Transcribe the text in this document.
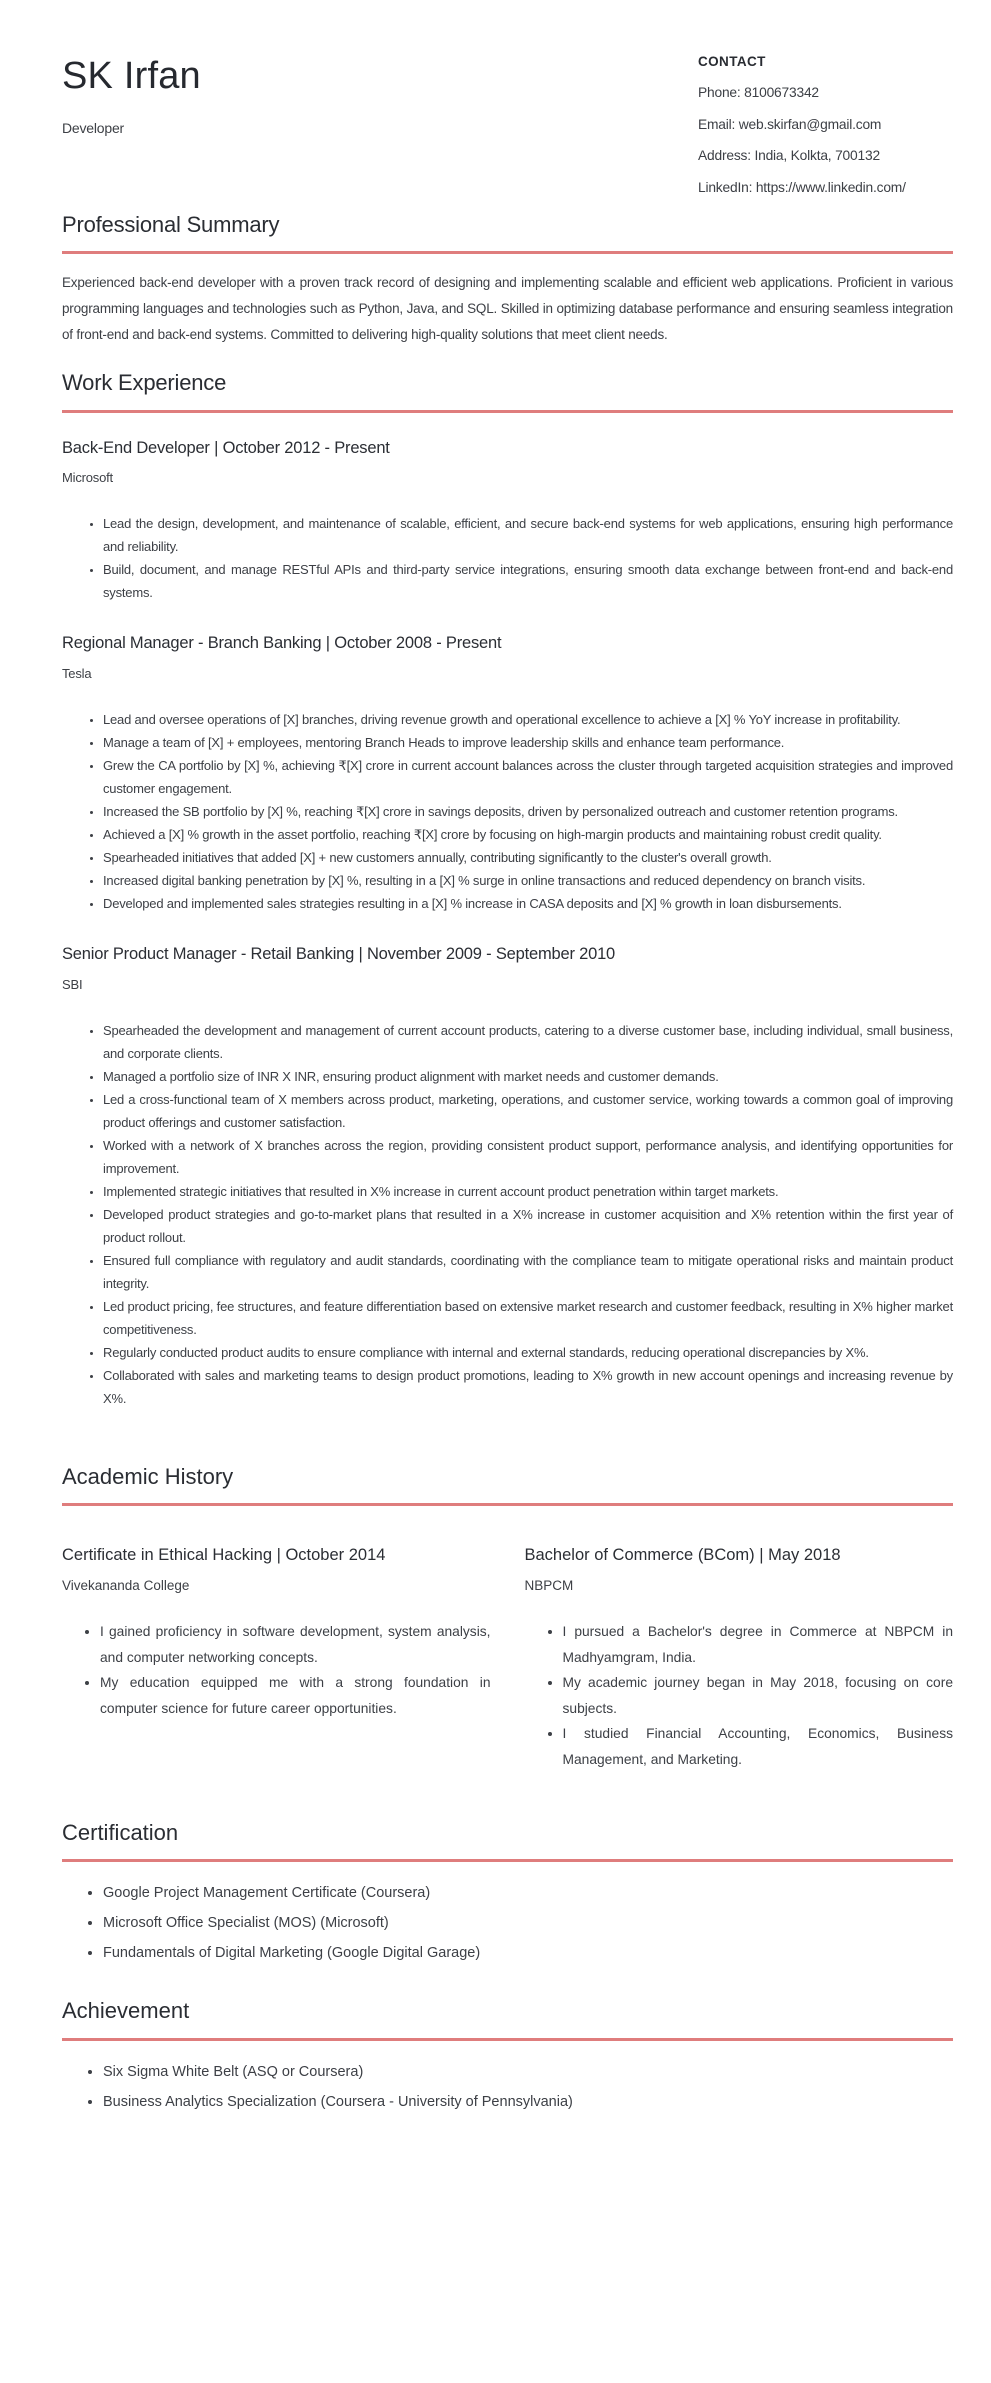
SK Irfan
Developer
CONTACT
Phone: 8100673342
Email: web.skirfan@gmail.com
Address: India, Kolkta, 700132
LinkedIn: https://www.linkedin.com/
Professional Summary

Experienced back-end developer with a proven track record of designing and implementing scalable and efficient web applications. Proficient in various programming languages and technologies such as Python, Java, and SQL. Skilled in optimizing database performance and ensuring seamless integration of front-end and back-end systems. Committed to delivering high-quality solutions that meet client needs.

Work Experience
Back-End Developer | October 2012 - Present
Microsoft
• Lead the design, development, and maintenance of scalable, efficient, and secure back-end systems for web applications, ensuring high performance and reliability.
• Build, document, and manage RESTful APIs and third-party service integrations, ensuring smooth data exchange between front-end and back-end systems.
Regional Manager - Branch Banking | October 2008 - Present
Tesla
• Lead and oversee operations of [X] branches, driving revenue growth and operational excellence to achieve a [X] % YoY increase in profitability.
• Manage a team of [X] + employees, mentoring Branch Heads to improve leadership skills and enhance team performance.
• Grew the CA portfolio by [X] %, achieving ₹[X] crore in current account balances across the cluster through targeted acquisition strategies and improved customer engagement.
• Increased the SB portfolio by [X] %, reaching ₹[X] crore in savings deposits, driven by personalized outreach and customer retention programs.
• Achieved a [X] % growth in the asset portfolio, reaching ₹[X] crore by focusing on high-margin products and maintaining robust credit quality.
• Spearheaded initiatives that added [X] + new customers annually, contributing significantly to the cluster's overall growth.
• Increased digital banking penetration by [X] %, resulting in a [X] % surge in online transactions and reduced dependency on branch visits.
• Developed and implemented sales strategies resulting in a [X] % increase in CASA deposits and [X] % growth in loan disbursements.
Senior Product Manager - Retail Banking | November 2009 - September 2010
SBI
• Spearheaded the development and management of current account products, catering to a diverse customer base, including individual, small business, and corporate clients.
• Managed a portfolio size of INR X INR, ensuring product alignment with market needs and customer demands.
• Led a cross-functional team of X members across product, marketing, operations, and customer service, working towards a common goal of improving product offerings and customer satisfaction.
• Worked with a network of X branches across the region, providing consistent product support, performance analysis, and identifying opportunities for improvement.
• Implemented strategic initiatives that resulted in X% increase in current account product penetration within target markets.
• Developed product strategies and go-to-market plans that resulted in a X% increase in customer acquisition and X% retention within the first year of product rollout.
• Ensured full compliance with regulatory and audit standards, coordinating with the compliance team to mitigate operational risks and maintain product integrity.
• Led product pricing, fee structures, and feature differentiation based on extensive market research and customer feedback, resulting in X% higher market competitiveness.
• Regularly conducted product audits to ensure compliance with internal and external standards, reducing operational discrepancies by X%.
• Collaborated with sales and marketing teams to design product promotions, leading to X% growth in new account openings and increasing revenue by X%.
Academic History
Certificate in Ethical Hacking | October 2014
Vivekananda College
• I gained proficiency in software development, system analysis, and computer networking concepts.
• My education equipped me with a strong foundation in computer science for future career opportunities.
Bachelor of Commerce (BCom) | May 2018
NBPCM
• I pursued a Bachelor's degree in Commerce at NBPCM in Madhyamgram, India.
• My academic journey began in May 2018, focusing on core subjects.
• I studied Financial Accounting, Economics, Business Management, and Marketing.
Certification
• Google Project Management Certificate (Coursera)
• Microsoft Office Specialist (MOS) (Microsoft)
• Fundamentals of Digital Marketing (Google Digital Garage)
Achievement
• Six Sigma White Belt (ASQ or Coursera)
• Business Analytics Specialization (Coursera - University of Pennsylvania)
